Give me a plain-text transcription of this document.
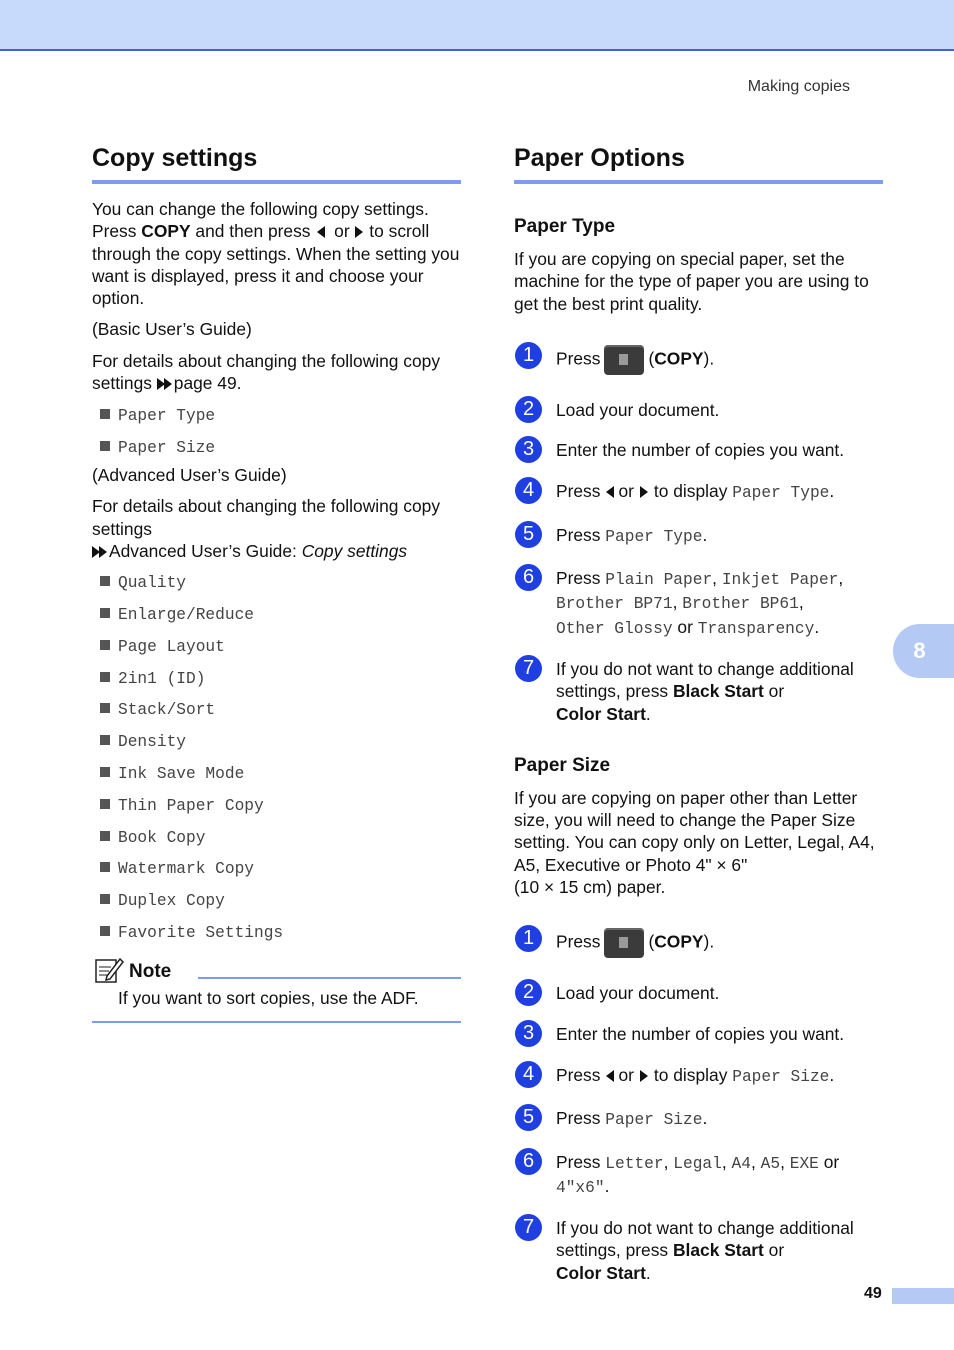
Making copies
Copy settings

You can change the following copy settings.
Press COPY and then press  or  to scroll through the copy settings. When the setting you want is displayed, press it and choose your option.

(Basic User’s Guide)

For details about changing the following copy settings page 49.

Paper Type
Paper Size

(Advanced User’s Guide)

For details about changing the following copy settings

Advanced User’s Guide: Copy settings

Quality
Enlarge/Reduce
Page Layout
2in1 (ID)
Stack/Sort
Density
Ink Save Mode
Thin Paper Copy
Book Copy
Watermark Copy
Duplex Copy
Favorite Settings
Note
If you want to sort copies, use the ADF.
Paper Options
Paper Type

If you are copying on special paper, set the machine for the type of paper you are using to get the best print quality.

1	Press	(COPY).
2	Load your document.
3	Enter the number of copies you want.
4	Press or to display Paper Type.
5	Press Paper Type.
6	Press Plain Paper, Inkjet Paper,
Brother BP71, Brother BP61,
Other Glossy or Transparency.
7	If you do not want to change additional settings, press Black Start or
Color Start.
Paper Size

If you are copying on paper other than Letter size, you will need to change the Paper Size setting. You can copy only on Letter, Legal, A4, A5, Executive or Photo 4" × 6"
(10 × 15 cm) paper.

1	Press	(COPY).
2	Load your document.
3	Enter the number of copies you want.
4	Press or to display Paper Size.
5	Press Paper Size.
6	Press Letter, Legal, A4, A5, EXE or
4"x6".
7	If you do not want to change additional settings, press Black Start or
Color Start.
8
49
